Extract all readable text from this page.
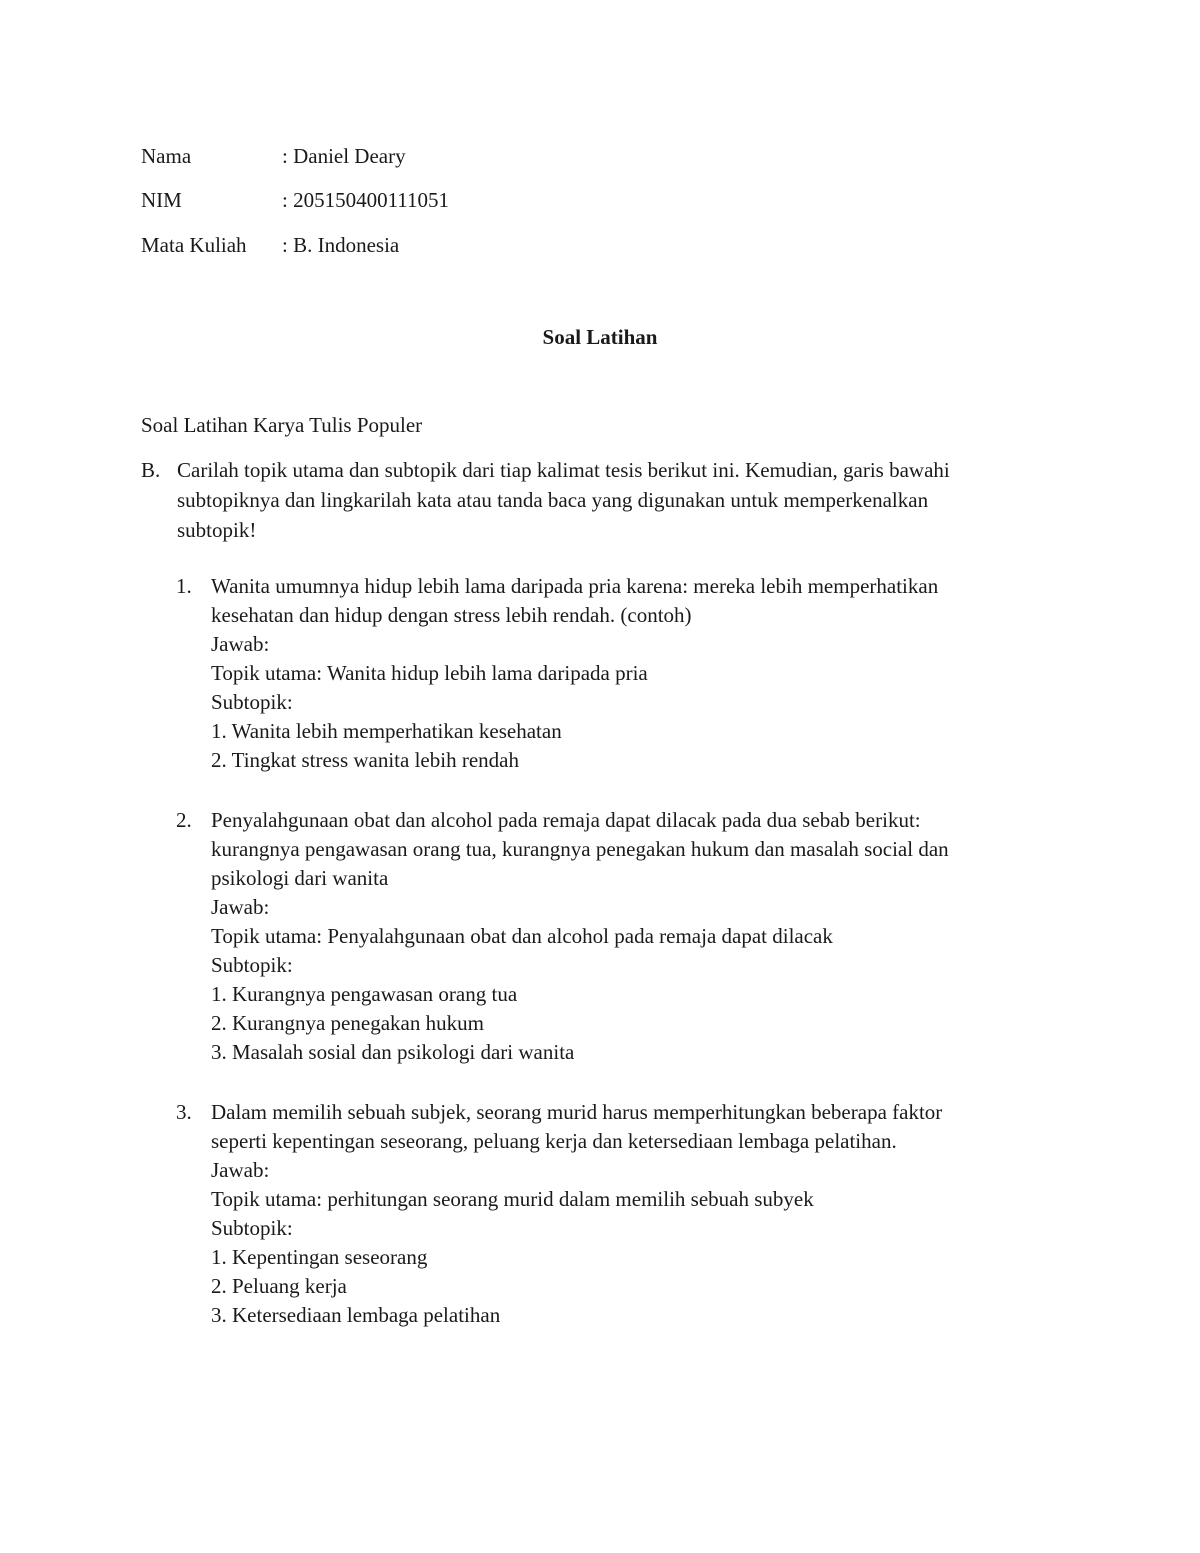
Nama	: Daniel Deary
NIM	: 205150400111051
Mata Kuliah : B. Indonesia
Soal Latihan
Soal Latihan Karya Tulis Populer
B. Carilah topik utama dan subtopik dari tiap kalimat tesis berikut ini. Kemudian, garis bawahi
subtopiknya dan lingkarilah kata atau tanda baca yang digunakan untuk memperkenalkan
subtopik!
1. Wanita umumnya hidup lebih lama daripada pria karena: mereka lebih memperhatikan
kesehatan dan hidup dengan stress lebih rendah. (contoh)
Jawab:
Topik utama: Wanita hidup lebih lama daripada pria
Subtopik:
1. Wanita lebih memperhatikan kesehatan
2. Tingkat stress wanita lebih rendah
2. Penyalahgunaan obat dan alcohol pada remaja dapat dilacak pada dua sebab berikut:
kurangnya pengawasan orang tua, kurangnya penegakan hukum dan masalah social dan
psikologi dari wanita
Jawab:
Topik utama: Penyalahgunaan obat dan alcohol pada remaja dapat dilacak
Subtopik:
1. Kurangnya pengawasan orang tua
2. Kurangnya penegakan hukum
3. Masalah sosial dan psikologi dari wanita
3. Dalam memilih sebuah subjek, seorang murid harus memperhitungkan beberapa faktor
seperti kepentingan seseorang, peluang kerja dan ketersediaan lembaga pelatihan.
Jawab:
Topik utama: perhitungan seorang murid dalam memilih sebuah subyek
Subtopik:
1. Kepentingan seseorang
2. Peluang kerja
3. Ketersediaan lembaga pelatihan
